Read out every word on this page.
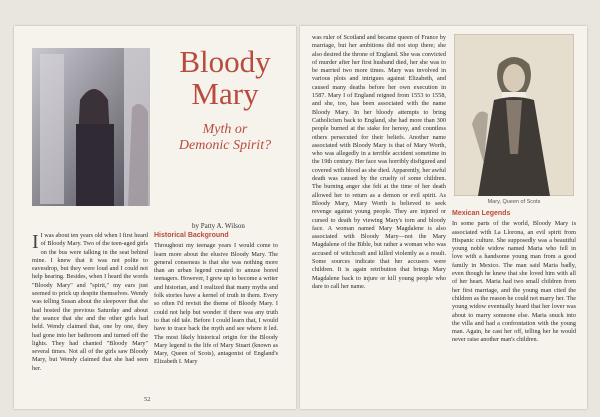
Bloody
Mary
Myth or
Demonic Spirit?
by Patty A. Wilson
I I was about ten years old when I first heard of Bloody Mary. Two of the teen-aged girls on the bus were talking in the seat behind mine. I knew that it was not polite to eavesdrop, but they were loud and I could not help hearing. Besides, when I heard the words "Bloody Mary" and "spirit," my ears just seemed to prick up despite themselves. Wendy was telling Susan about the sleepover that she had hosted the previous Saturday and about the seance that she and the other girls had held. Wendy claimed that, one by one, they had gone into her bathroom and turned off the lights. They had chanted "Bloody Mary" several times. Not all of the girls saw Bloody Mary, but Wendy claimed that she had seen her.
Historical Background

Throughout my teenage years I would come to learn more about the elusive Bloody Mary. The general consensus is that she was nothing more than an urban legend created to amuse bored teenagers. However, I grew up to become a writer and historian, and I realized that many myths and folk stories have a kernel of truth in them. Every so often I'd revisit the theme of Bloody Mary. I could not help but wonder if there was any truth to that old tale. Before I could learn that, I would have to trace back the myth and see where it led. The most likely historical origin for the Bloody Mary legend is the life of Mary Stuart (known as Mary, Queen of Scots), antagonist of England's Elizabeth I. Mary

52

was ruler of Scotland and became queen of France by marriage, but her ambitions did not stop there; she also desired the throne of England. She was convicted of murder after her first husband died, her she was to be married two more times. Mary was involved in various plots and intrigues against Elizabeth, and caused many deaths before her own execution in 1587. Mary I of England reigned from 1553 to 1558, and she, too, has been associated with the name Bloody Mary. In her bloody attempts to bring Catholicism back to England, she had more than 300 people burned at the stake for heresy, and countless others persecuted for their beliefs. Another name associated with Bloody Mary is that of Mary Worth, who was allegedly in a terrible accident sometime in the 19th century. Her face was horribly disfigured and covered with blood as she died. Apparently, her awful death was caused by the cruelty of some children. The burning anger she felt at the time of her death allowed her to return as a demon or evil spirit. As Bloody Mary, Mary Worth is believed to seek revenge against young people. They are injured or cursed to death by viewing Mary's torn and bloody face. A woman named Mary Magdalene is also associated with Bloody Mary—not the Mary Magdalene of the Bible, but rather a woman who was accused of witchcraft and killed violently as a result. Some sources indicate that her accusers were children. It is again retribution that brings Mary Magdalene back to injure or kill young people who dare to call her name.

Mary, Queen of Scots
Mexican Legends

In some parts of the world, Bloody Mary is associated with La Llorona, an evil spirit from Hispanic culture. She supposedly was a beautiful young noble widow named Maria who fell in love with a handsome young man from a good family in Mexico. The man said Maria badly, even though he knew that she loved him with all of her heart. Maria had two small children from her first marriage, and the young man cited the children as the reason he could not marry her. The young widow eventually heard that her lover was about to marry someone else. Maria snuck into the villa and had a confrontation with the young man. Again, he cast her off, telling her he would never raise another man's children.
